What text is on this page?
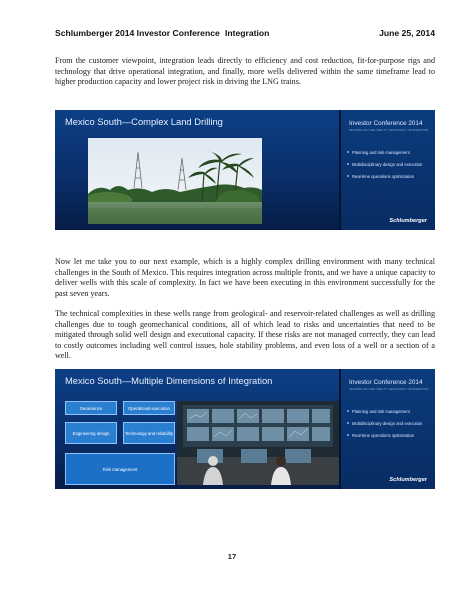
Schlumberger 2014 Investor Conference Integration	June 25, 2014

From the customer viewpoint, integration leads directly to efficiency and cost reduction, fit-for-purpose rigs and technology that drive operational integration, and finally, more wells delivered within the same timeframe lead to higher production capacity and lower project risk in driving the LNG trains.

Mexico South—Complex Land Drilling	Investor Conference 2014
TECHNOLOGY RELIABILITY EFFICIENCY INTEGRATION
Planning and risk management
Multidisciplinary design and execution
Real-time operations optimization
Schlumberger

Now let me take you to our next example, which is a highly complex drilling environment with many technical challenges in the South of Mexico. This requires integration across multiple fronts, and we have a unique capacity to deliver wells with this scale of complexity. In fact we have been executing in this environment successfully for the past seven years.

The technical complexities in these wells range from geological- and reservoir-related challenges as well as drilling challenges due to tough geomechanical conditions, all of which lead to risks and uncertainties that need to be mitigated through solid well design and executional capacity. If these risks are not managed correctly, they can lead to costly outcomes including well control issues, hole stability problems, and even loss of a well or a section of a well.

Mexico South—Multiple Dimensions of Integration
Geoscience	Operational execution
Engineering design	Technology and reliability
Risk management
Investor Conference 2014
TECHNOLOGY RELIABILITY EFFICIENCY INTEGRATION
Planning and risk management
Multidisciplinary design and execution
Real-time operations optimization
Schlumberger
17
